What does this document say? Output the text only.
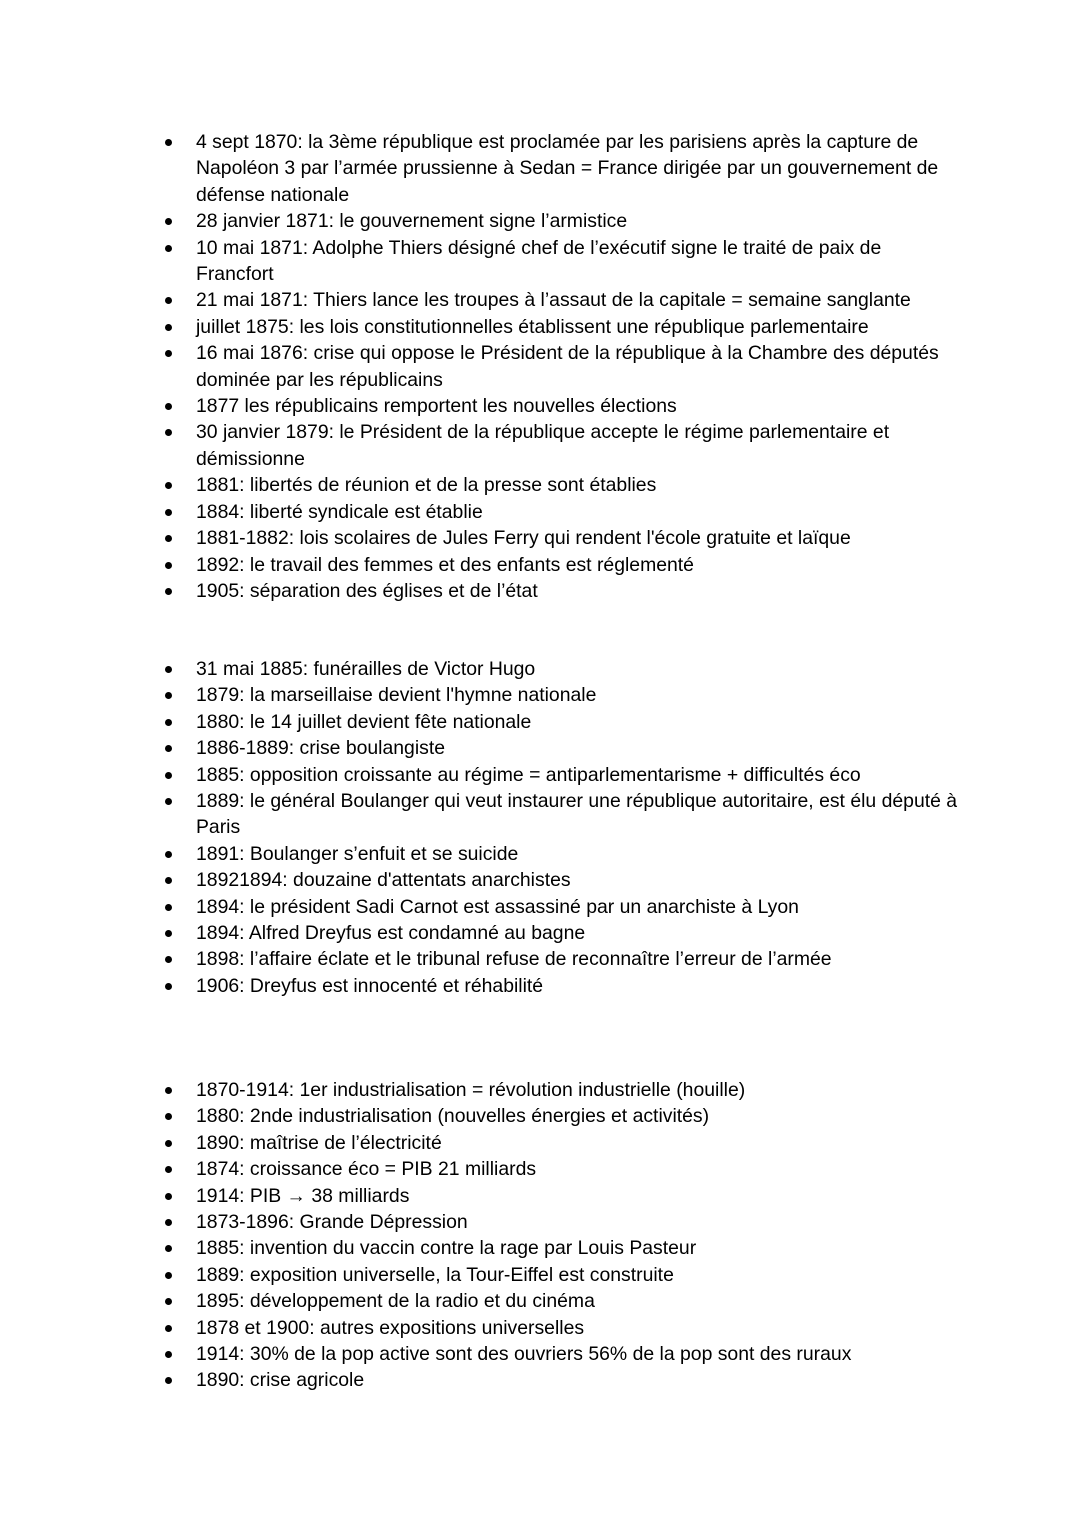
4 sept 1870: la 3ème république est proclamée par les parisiens après la capture de Napoléon 3 par l’armée prussienne à Sedan = France dirigée par un gouvernement de défense nationale
28 janvier 1871: le gouvernement signe l’armistice
10 mai 1871: Adolphe Thiers désigné chef de l’exécutif signe le traité de paix de Francfort
21 mai 1871: Thiers lance les troupes à l’assaut de la capitale = semaine sanglante
juillet 1875: les lois constitutionnelles établissent une république parlementaire
16 mai 1876: crise qui oppose le Président de la république à la Chambre des députés dominée par les républicains
1877 les républicains remportent les nouvelles élections
30 janvier 1879: le Président de la république accepte le régime parlementaire et démissionne
1881: libertés de réunion et de la presse sont établies
1884: liberté syndicale est établie
1881-1882: lois scolaires de Jules Ferry qui rendent l'école gratuite et laïque
1892: le travail des femmes et des enfants est réglementé
1905: séparation des églises et de l’état
31 mai 1885: funérailles de Victor Hugo
1879: la marseillaise devient l'hymne nationale
1880: le 14 juillet devient fête nationale
1886-1889: crise boulangiste
1885: opposition croissante au régime = antiparlementarisme + difficultés éco
1889: le général Boulanger qui veut instaurer une république autoritaire, est élu député à Paris
1891: Boulanger s’enfuit et se suicide
18921894: douzaine d'attentats anarchistes
1894: le président Sadi Carnot est assassiné par un anarchiste à Lyon
1894: Alfred Dreyfus est condamné au bagne
1898: l’affaire éclate et le tribunal refuse de reconnaître l’erreur de l’armée
1906: Dreyfus est innocenté et réhabilité
1870-1914: 1er industrialisation = révolution industrielle (houille)
1880: 2nde industrialisation (nouvelles énergies et activités)
1890: maîtrise de l’électricité
1874: croissance éco = PIB 21 milliards
1914: PIB → 38 milliards
1873-1896: Grande Dépression
1885: invention du vaccin contre la rage par Louis Pasteur
1889: exposition universelle, la Tour-Eiffel est construite
1895: développement de la radio et du cinéma
1878 et 1900: autres expositions universelles
1914: 30% de la pop active sont des ouvriers 56% de la pop sont des ruraux
1890: crise agricole
